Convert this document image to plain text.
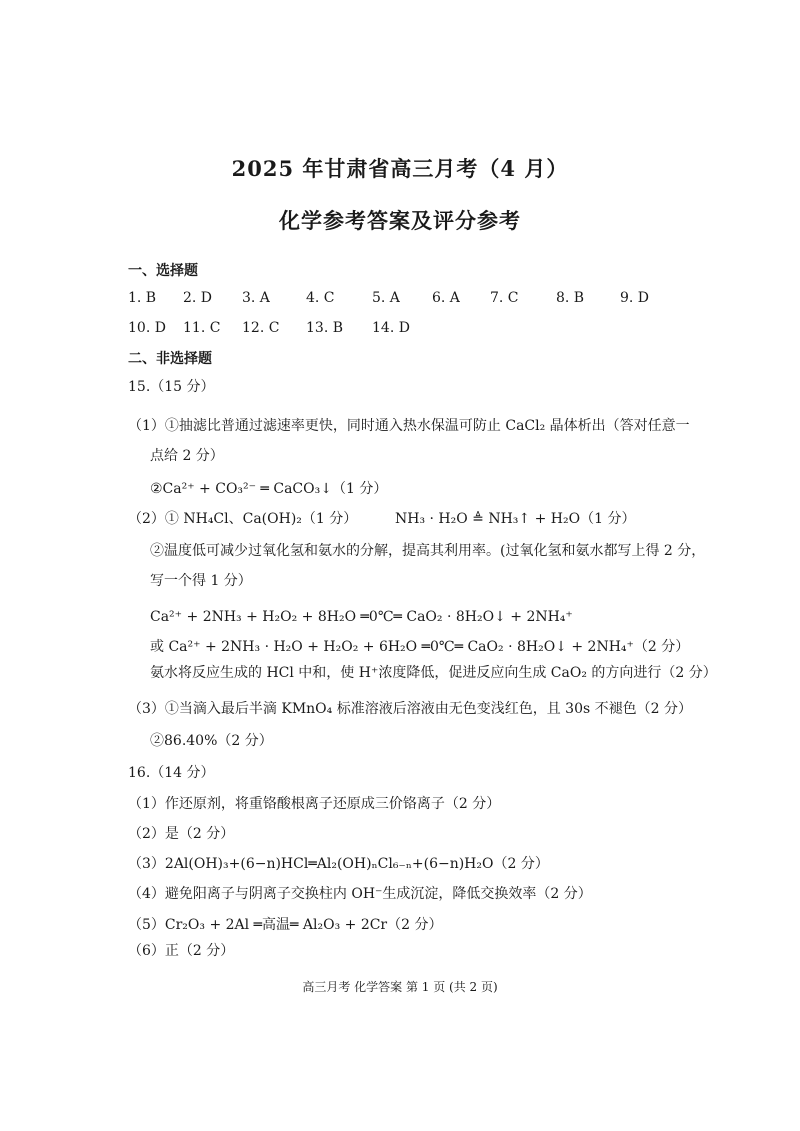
2025 年甘肃省高三月考（4 月）
化学参考答案及评分参考
一、选择题
1. B 2. D 3. A	4. C	5. A 6. A 7. C	8. B	9. D
10. D 11. C 12. C 13. B 14. D
二、非选择题
15.（15 分）
（1）①抽滤比普通过滤速率更快，同时通入热水保温可防止 CaCl₂ 晶体析出（答对任意一
点给 2 分）
②Ca²⁺ + CO₃²⁻ ═ CaCO₃↓（1 分）
（2）① NH₄Cl、Ca(OH)₂（1 分）	NH₃ · H₂O ≜ NH₃↑ + H₂O（1 分）
②温度低可减少过氧化氢和氨水的分解，提高其利用率。(过氧化氢和氨水都写上得 2 分，
写一个得 1 分）
Ca²⁺ + 2NH₃ + H₂O₂ + 8H₂O ═0℃═ CaO₂ · 8H₂O↓ + 2NH₄⁺
或 Ca²⁺ + 2NH₃ · H₂O + H₂O₂ + 6H₂O ═0℃═ CaO₂ · 8H₂O↓ + 2NH₄⁺（2 分）
氨水将反应生成的 HCl 中和，使 H⁺浓度降低，促进反应向生成 CaO₂ 的方向进行（2 分）
（3）①当滴入最后半滴 KMnO₄ 标准溶液后溶液由无色变浅红色，且 30s 不褪色（2 分）
②86.40%（2 分）
16.（14 分）
（1）作还原剂，将重铬酸根离子还原成三价铬离子（2 分）
（2）是（2 分）
（3）2Al(OH)₃+(6−n)HCl═Al₂(OH)ₙCl₆₋ₙ+(6−n)H₂O（2 分）
（4）避免阳离子与阴离子交换柱内 OH⁻生成沉淀，降低交换效率（2 分）
（5）Cr₂O₃ + 2Al ═高温═ Al₂O₃ + 2Cr（2 分）
（6）正（2 分）
高三月考 化学答案 第 1 页 (共 2 页)
